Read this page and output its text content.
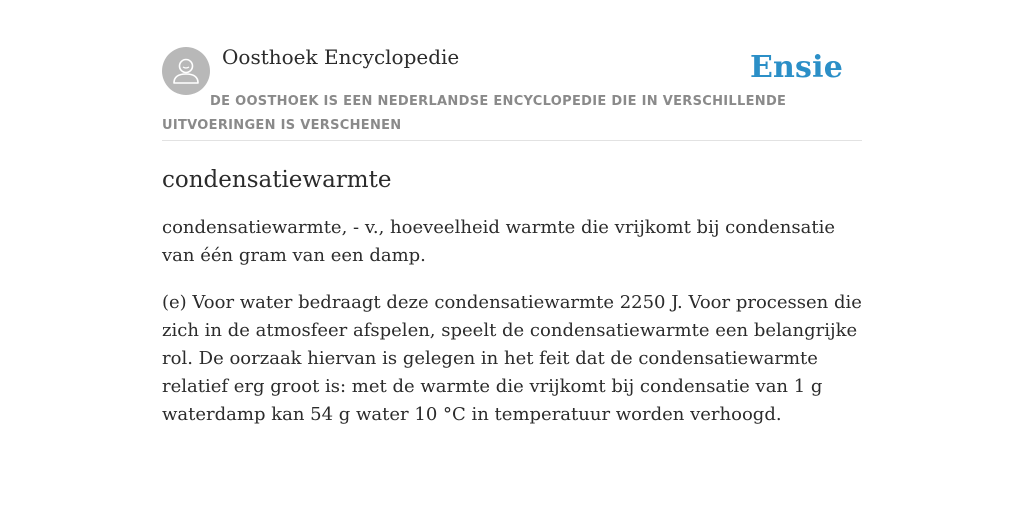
Oosthoek Encyclopedie	Ensie
DE OOSTHOEK IS EEN NEDERLANDSE ENCYCLOPEDIE DIE IN VERSCHILLENDE UITVOERINGEN IS VERSCHENEN
condensatiewarmte

condensatiewarmte, - v., hoeveelheid warmte die vrijkomt bij condensatie van één gram van een damp.

(e) Voor water bedraagt deze condensatiewarmte 2250 J. Voor processen die zich in de atmosfeer afspelen, speelt de condensatiewarmte een belangrijke rol. De oorzaak hiervan is gelegen in het feit dat de condensatiewarmte relatief erg groot is: met de warmte die vrijkomt bij condensatie van 1 g waterdamp kan 54 g water 10 °C in temperatuur worden verhoogd.
